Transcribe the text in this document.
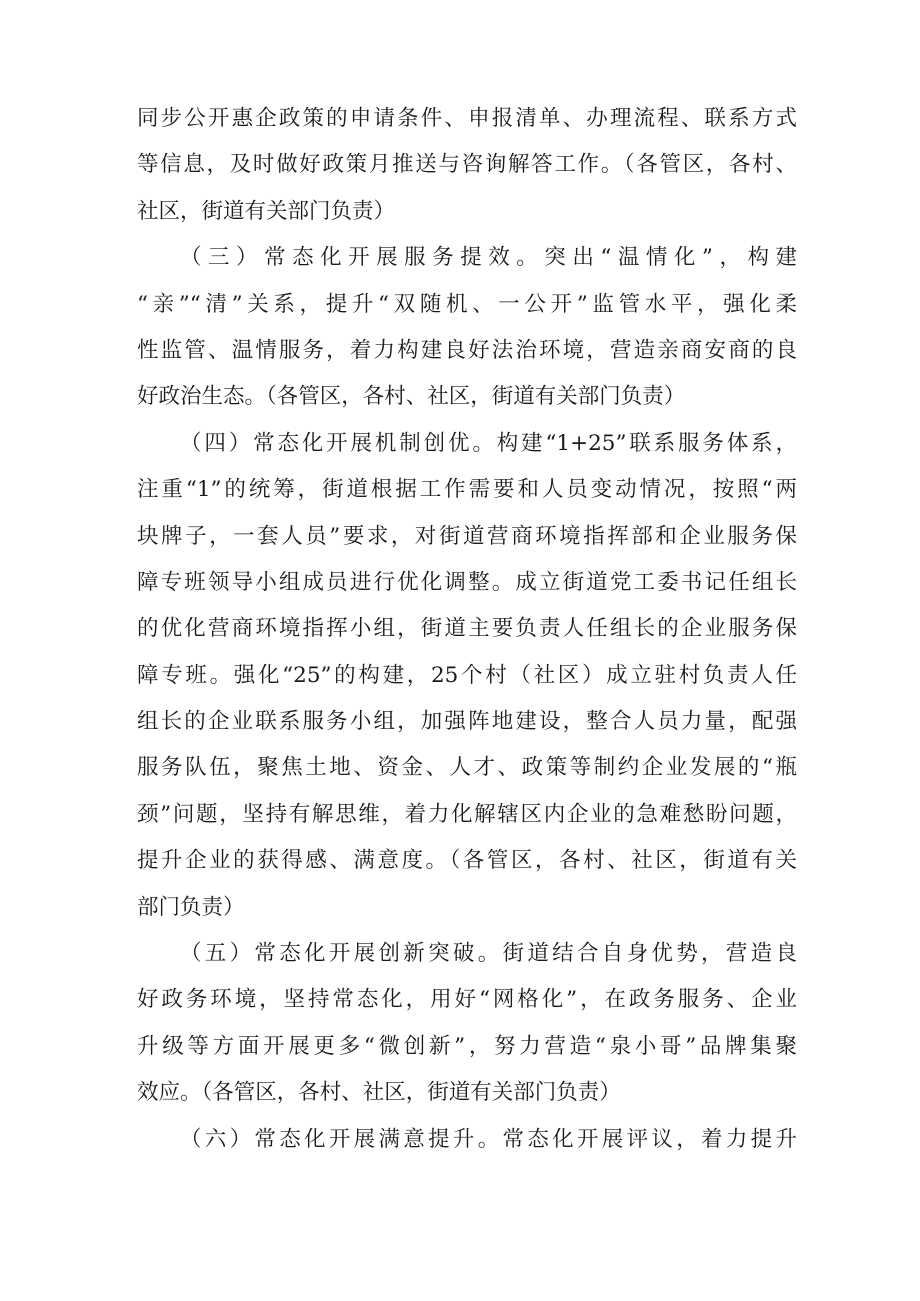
同步公开惠企政策的申请条件、申报清单、办理流程、联系方式
等信息，及时做好政策月推送与咨询解答工作。（各管区，各村、
社区，街道有关部门负责）
（三）常态化开展服务提效。突出“温情化”，构建
“亲”“清”关系，提升“双随机、一公开”监管水平，强化柔
性监管、温情服务，着力构建良好法治环境，营造亲商安商的良
好政治生态。（各管区，各村、社区，街道有关部门负责）
（四）常态化开展机制创优。构建“1+25”联系服务体系，
注重“1”的统筹，街道根据工作需要和人员变动情况，按照“两
块牌子，一套人员”要求，对街道营商环境指挥部和企业服务保
障专班领导小组成员进行优化调整。成立街道党工委书记任组长
的优化营商环境指挥小组，街道主要负责人任组长的企业服务保
障专班。强化“25”的构建，25个村（社区）成立驻村负责人任
组长的企业联系服务小组，加强阵地建设，整合人员力量，配强
服务队伍，聚焦土地、资金、人才、政策等制约企业发展的“瓶
颈”问题，坚持有解思维，着力化解辖区内企业的急难愁盼问题，
提升企业的获得感、满意度。（各管区，各村、社区，街道有关
部门负责）
（五）常态化开展创新突破。街道结合自身优势，营造良
好政务环境，坚持常态化，用好“网格化”，在政务服务、企业
升级等方面开展更多“微创新”，努力营造“泉小哥”品牌集聚
效应。（各管区，各村、社区，街道有关部门负责）
（六）常态化开展满意提升。常态化开展评议，着力提升
